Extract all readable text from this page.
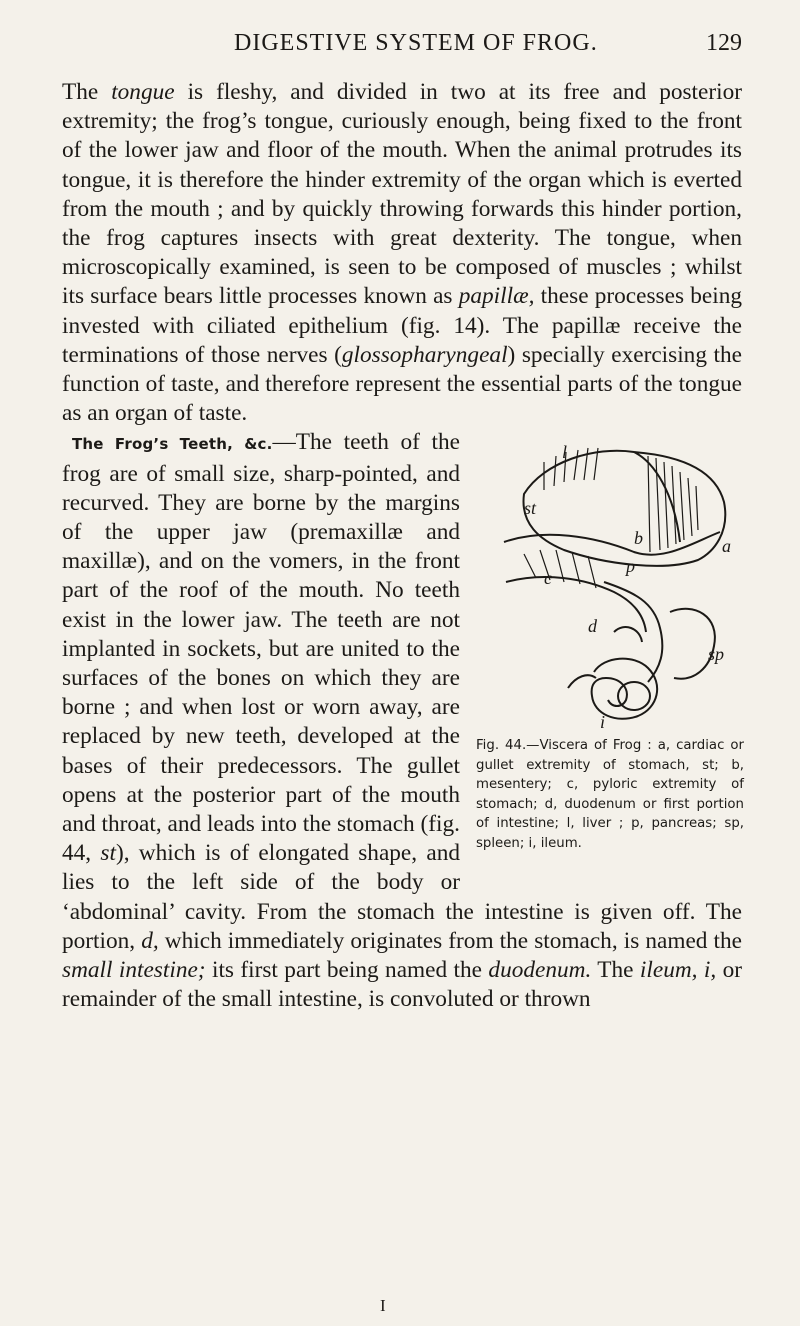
DIGESTIVE SYSTEM OF FROG.	129

The tongue is fleshy, and divided in two at its free and posterior extremity; the frog’s tongue, curiously enough, being fixed to the front of the lower jaw and floor of the mouth. When the animal protrudes its tongue, it is therefore the hinder extremity of the organ which is everted from the mouth ; and by quickly throwing forwards this hinder portion, the frog captures insects with great dexterity. The tongue, when microscopically examined, is seen to be composed of muscles ; whilst its surface bears little processes known as papillæ, these processes being invested with ciliated epithelium (fig. 14). The papillæ receive the terminations of those nerves (glossopharyngeal) specially exercising the function of taste, and therefore represent the essential parts of the tongue as an organ of taste.

l
st
a
b
p
c
d
sp
i
Fig. 44.—Viscera of Frog : a, cardiac or gullet extremity of stomach, st; b, mesentery; c, pyloric extremity of stomach; d, duodenum or first portion of intestine; l, liver ; p, pancreas; sp, spleen; i, ileum.

The Frog’s Teeth, &c.—The teeth of the frog are of small size, sharp-pointed, and recurved. They are borne by the margins of the upper jaw (premaxillæ and maxillæ), and on the vomers, in the front part of the roof of the mouth. No teeth exist in the lower jaw. The teeth are not implanted in sockets, but are united to the surfaces of the bones on which they are borne ; and when lost or worn away, are replaced by new teeth, developed at the bases of their predecessors. The gullet opens at the posterior part of the mouth and throat, and leads into the stomach (fig. 44, st), which is of elongated shape, and lies to the left side of the body or ‘abdominal’ cavity. From the stomach the intestine is given off. The portion, d, which immediately originates from the stomach, is named the small intestine; its first part being named the duodenum. The ileum, i, or remainder of the small intestine, is convoluted or thrown

I
